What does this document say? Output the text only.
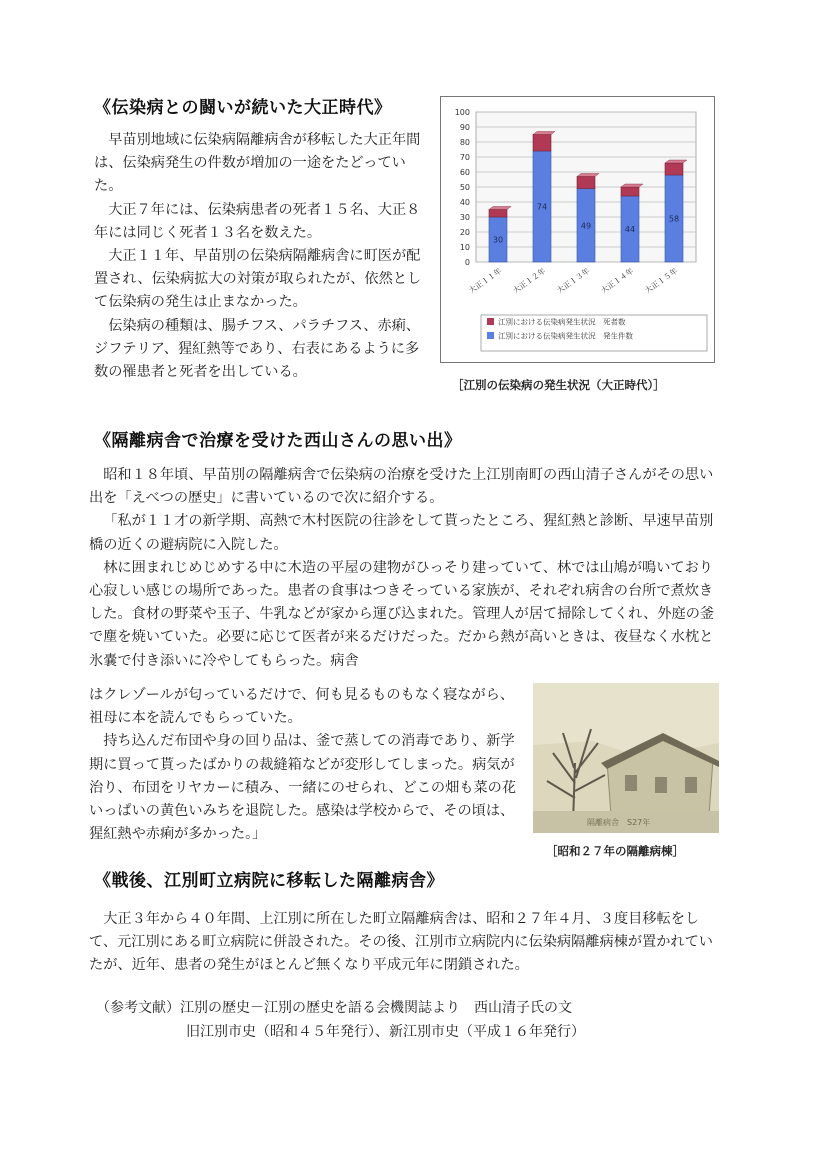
《伝染病との闘いが続いた大正時代》

早苗別地域に伝染病隔離病舎が移転した大正年間は、伝染病発生の件数が増加の一途をたどっていた。

大正７年には、伝染病患者の死者１５名、大正８年には同じく死者１３名を数えた。

大正１１年、早苗別の伝染病隔離病舎に町医が配置され、伝染病拡大の対策が取られたが、依然として伝染病の発生は止まなかった。

伝染病の種類は、腸チフス、パラチフス、赤痢、ジフテリア、猩紅熱等であり、右表にあるように多数の罹患者と死者を出している。

0
10
20
30
40
50
60
70
80
90
100
30
大正１１年
74
大正１２年
49
大正１３年
44
大正１４年
58
大正１５年
江別における伝染病発生状況　死者数
江別における伝染病発生状況　発生件数
［江別の伝染病の発生状況（大正時代）］
《隔離病舎で治療を受けた西山さんの思い出》

昭和１８年頃、早苗別の隔離病舎で伝染病の治療を受けた上江別南町の西山清子さんがその思い出を「えべつの歴史」に書いているので次に紹介する。

「私が１１才の新学期、高熱で木村医院の往診をして貰ったところ、猩紅熱と診断、早速早苗別橋の近くの避病院に入院した。

林に囲まれじめじめする中に木造の平屋の建物がひっそり建っていて、林では山鳩が鳴いており心寂しい感じの場所であった。患者の食事はつきそっている家族が、それぞれ病舎の台所で煮炊きした。食材の野菜や玉子、牛乳などが家から運び込まれた。管理人が居て掃除してくれ、外庭の釜で塵を焼いていた。必要に応じて医者が来るだけだった。だから熱が高いときは、夜昼なく水枕と氷嚢で付き添いに冷やしてもらった。病舎

はクレゾールが匂っているだけで、何も見るものもなく寝ながら、祖母に本を読んでもらっていた。

持ち込んだ布団や身の回り品は、釜で蒸しての消毒であり、新学期に買って貰ったばかりの裁縫箱などが変形してしまった。病気が治り、布団をリヤカーに積み、一緒にのせられ、どこの畑も菜の花いっぱいの黄色いみちを退院した。感染は学校からで、その頃は、猩紅熱や赤痢が多かった。」

隔離病舎　S27年
［昭和２７年の隔離病棟］
《戦後、江別町立病院に移転した隔離病舎》

大正３年から４０年間、上江別に所在した町立隔離病舎は、昭和２７年４月、３度目移転をして、元江別にある町立病院に併設された。その後、江別市立病院内に伝染病隔離病棟が置かれていたが、近年、患者の発生がほとんど無くなり平成元年に閉鎖された。

（参考文献）江別の歴史－江別の歴史を語る会機関誌より　西山清子氏の文
旧江別市史（昭和４５年発行）、新江別市史（平成１６年発行）
